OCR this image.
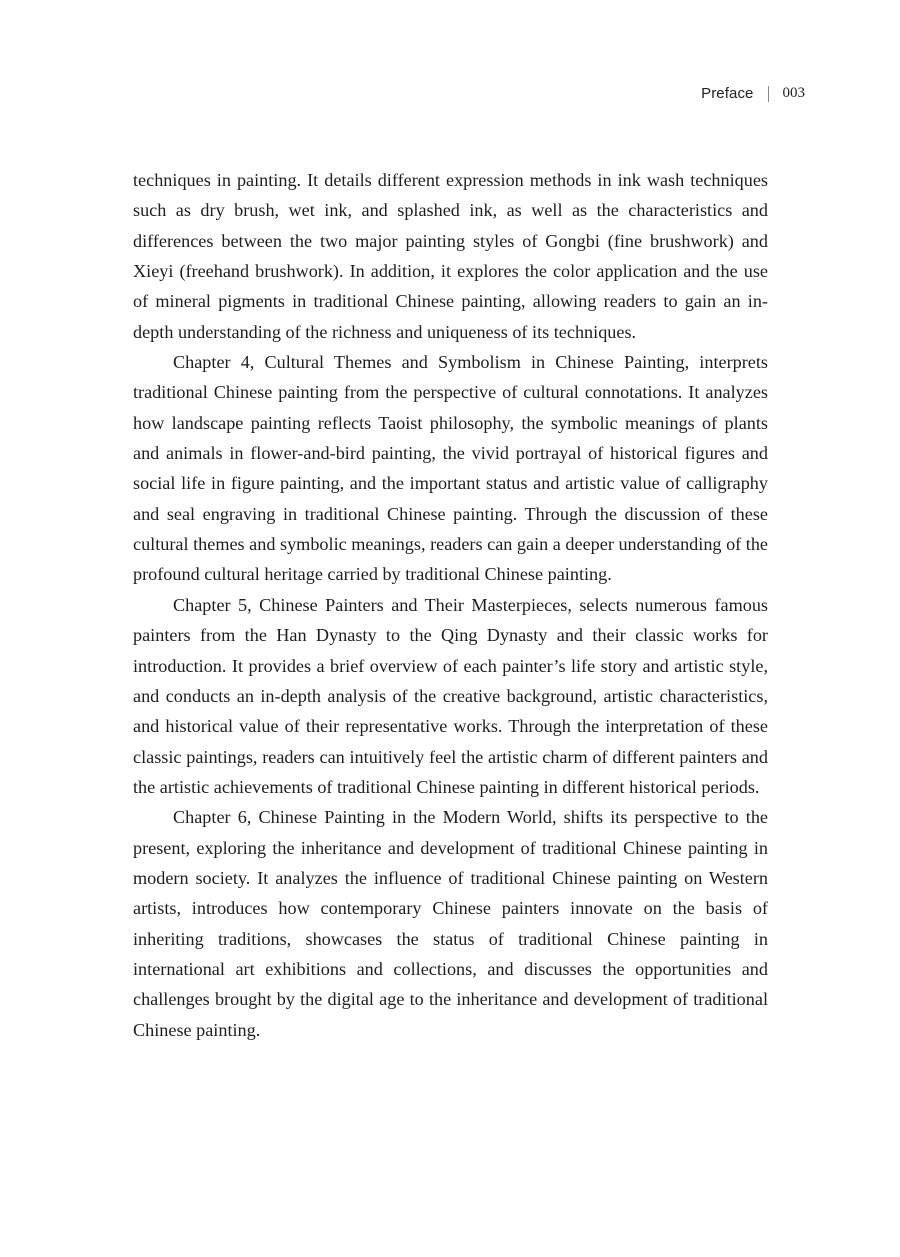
Preface 003

techniques in painting. It details different expression methods in ink wash techniques such as dry brush, wet ink, and splashed ink, as well as the characteristics and differences between the two major painting styles of Gongbi (fine brushwork) and Xieyi (freehand brushwork). In addition, it explores the color application and the use of mineral pigments in traditional Chinese painting, allowing readers to gain an in-depth understanding of the richness and uniqueness of its techniques.

Chapter 4, Cultural Themes and Symbolism in Chinese Painting, interprets traditional Chinese painting from the perspective of cultural connotations. It analyzes how landscape painting reflects Taoist philosophy, the symbolic meanings of plants and animals in flower-and-bird painting, the vivid portrayal of historical figures and social life in figure painting, and the important status and artistic value of calligraphy and seal engraving in traditional Chinese painting. Through the discussion of these cultural themes and symbolic meanings, readers can gain a deeper understanding of the profound cultural heritage carried by traditional Chinese painting.

Chapter 5, Chinese Painters and Their Masterpieces, selects numerous famous painters from the Han Dynasty to the Qing Dynasty and their classic works for introduction. It provides a brief overview of each painter’s life story and artistic style, and conducts an in-depth analysis of the creative background, artistic characteristics, and historical value of their representative works. Through the interpretation of these classic paintings, readers can intuitively feel the artistic charm of different painters and the artistic achievements of traditional Chinese painting in different historical periods.

Chapter 6, Chinese Painting in the Modern World, shifts its perspective to the present, exploring the inheritance and development of traditional Chinese painting in modern society. It analyzes the influence of traditional Chinese painting on Western artists, introduces how contemporary Chinese painters innovate on the basis of inheriting traditions, showcases the status of traditional Chinese painting in international art exhibitions and collections, and discusses the opportunities and challenges brought by the digital age to the inheritance and development of traditional Chinese painting.
